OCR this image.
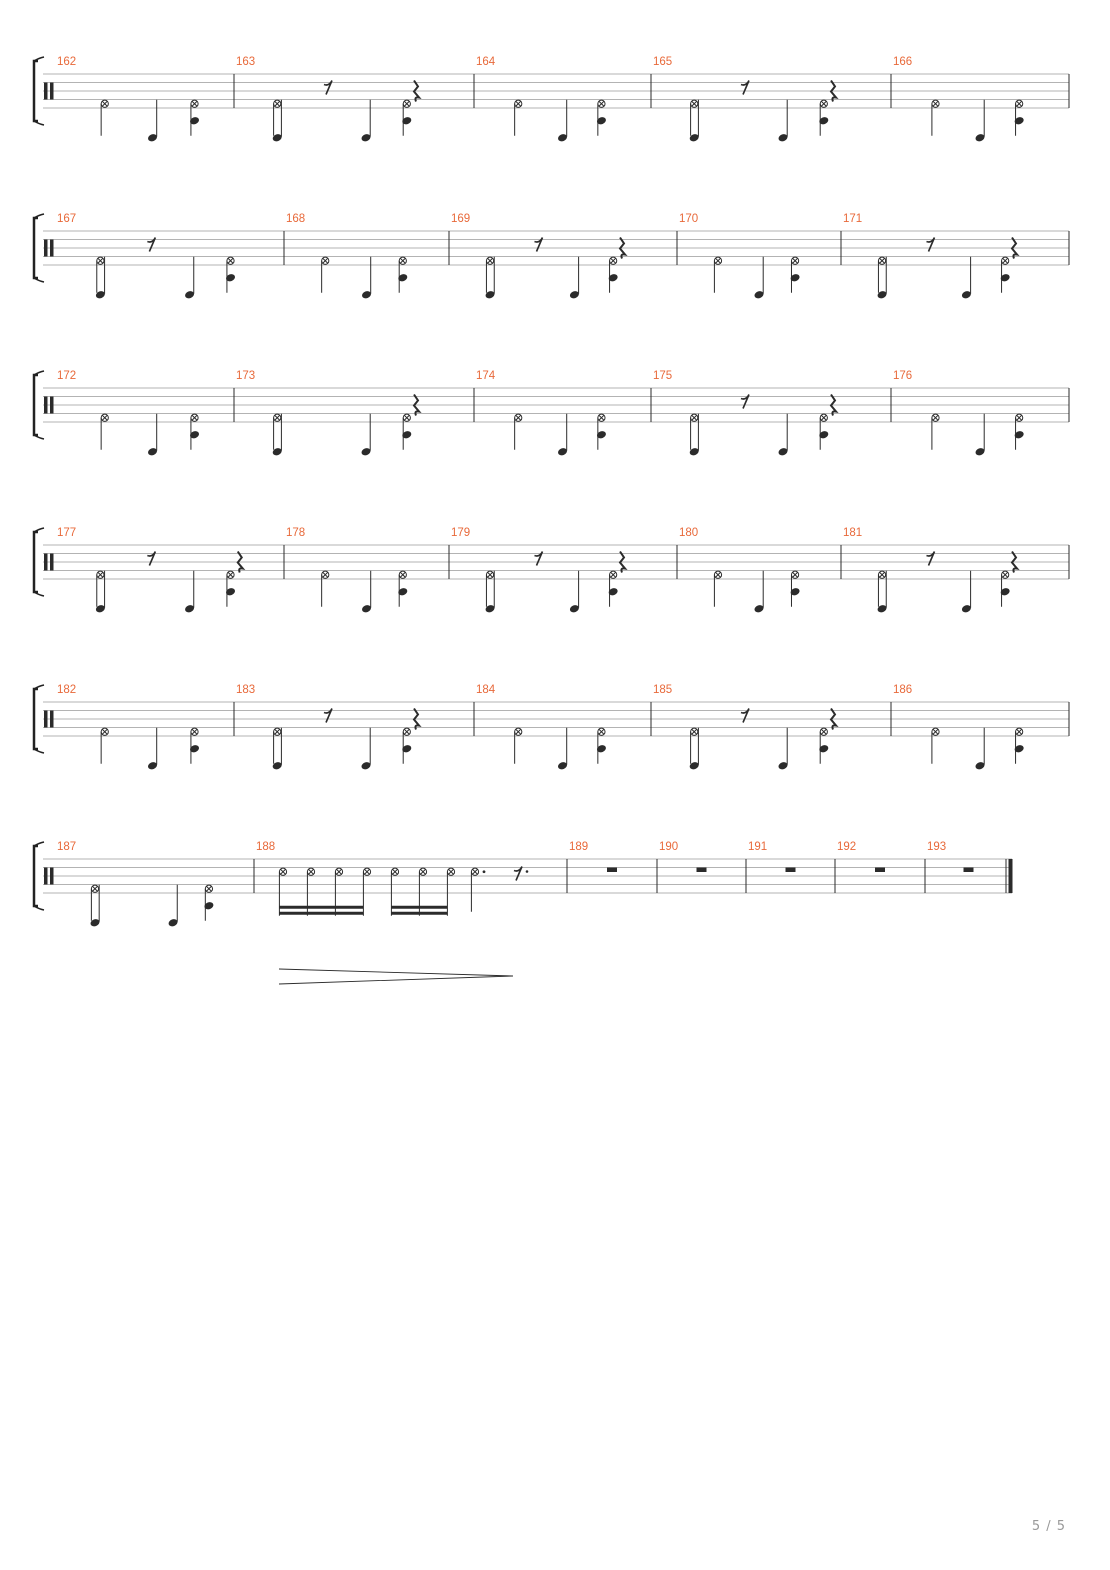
162	163	164	165	166
167	168	169	170	171
172	173	174	175	176
177	178	179	180	181
182	183	184	185	186
187	188	189	190	191	192	193
5 / 5
